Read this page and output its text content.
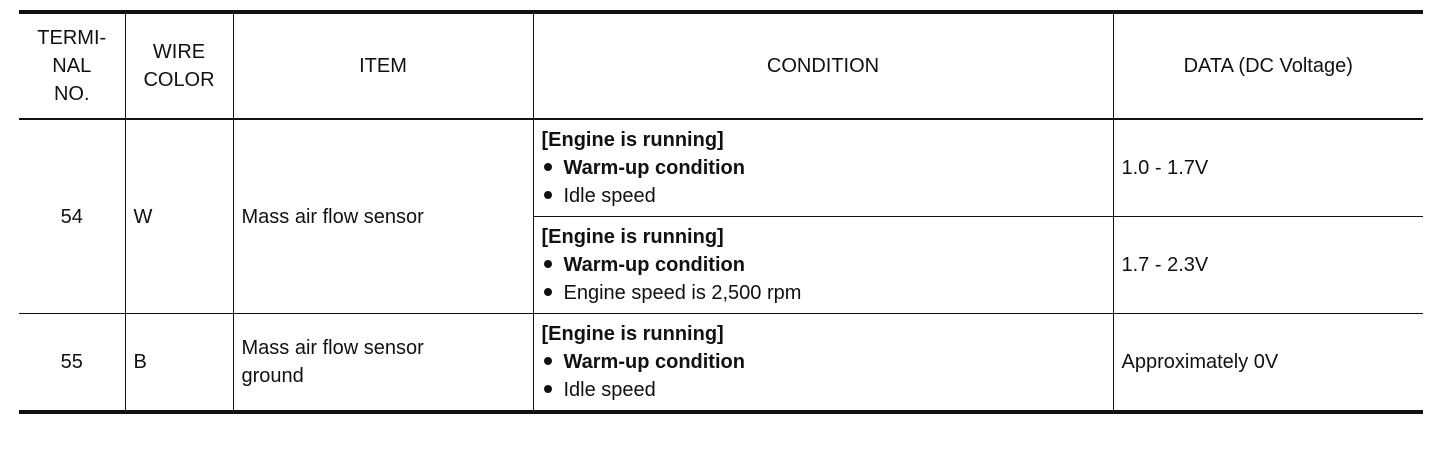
TERMI-
NAL
NO.	WIRE
COLOR	ITEM	CONDITION	DATA (DC Voltage)
54	W	Mass air flow sensor	[Engine is running]
Warm-up condition
Idle speed	1.0 - 1.7V

			[Engine is running]
Warm-up condition
Engine speed is 2,500 rpm	1.7 - 2.3V
55	B	Mass air flow sensor
ground	[Engine is running]
Warm-up condition
Idle speed	Approximately 0V
